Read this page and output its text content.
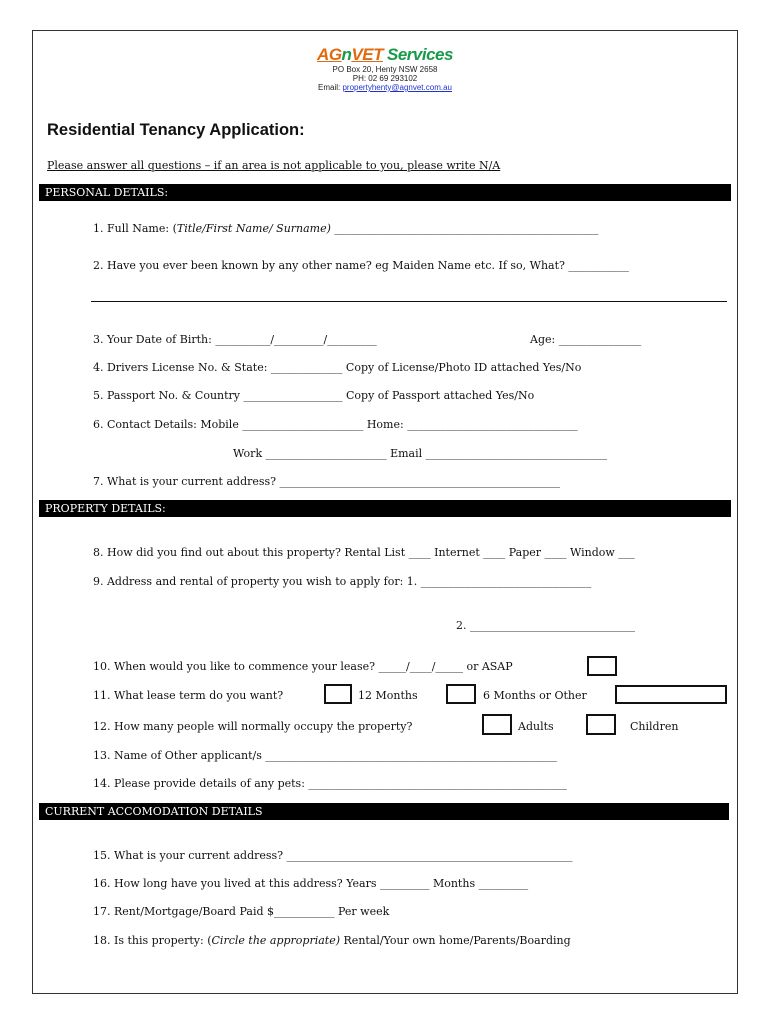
AGnVET Services
PO Box 20, Henty NSW 2658
PH: 02 69 293102
Email: propertyhenty@agnvet.com.au
Residential Tenancy Application:
Please answer all questions – if an area is not applicable to you, please write N/A
PERSONAL DETAILS:
1. Full Name: (Title/First Name/ Surname) ________________________________________________
2. Have you ever been known by any other name? eg Maiden Name etc. If so, What? ___________
3. Your Date of Birth: __________/_________/_________	Age: _______________
4. Drivers License No. & State: _____________ Copy of License/Photo ID attached Yes/No
5. Passport No. & Country __________________ Copy of Passport attached Yes/No
6. Contact Details: Mobile ______________________ Home: _______________________________
Work ______________________ Email _________________________________
7. What is your current address? ___________________________________________________
PROPERTY DETAILS:
8. How did you find out about this property? Rental List ____ Internet ____ Paper ____ Window ___
9. Address and rental of property you wish to apply for: 1. _______________________________
2. ______________________________
10. When would you like to commence your lease? _____/____/_____ or ASAP
11. What lease term do you want?	12 Months	6 Months or Other
12. How many people will normally occupy the property?	Adults	Children
13. Name of Other applicant/s _____________________________________________________
14. Please provide details of any pets: _______________________________________________
CURRENT ACCOMODATION DETAILS
15. What is your current address? ____________________________________________________
16. How long have you lived at this address? Years _________ Months _________
17. Rent/Mortgage/Board Paid $___________ Per week
18. Is this property: (Circle the appropriate) Rental/Your own home/Parents/Boarding
